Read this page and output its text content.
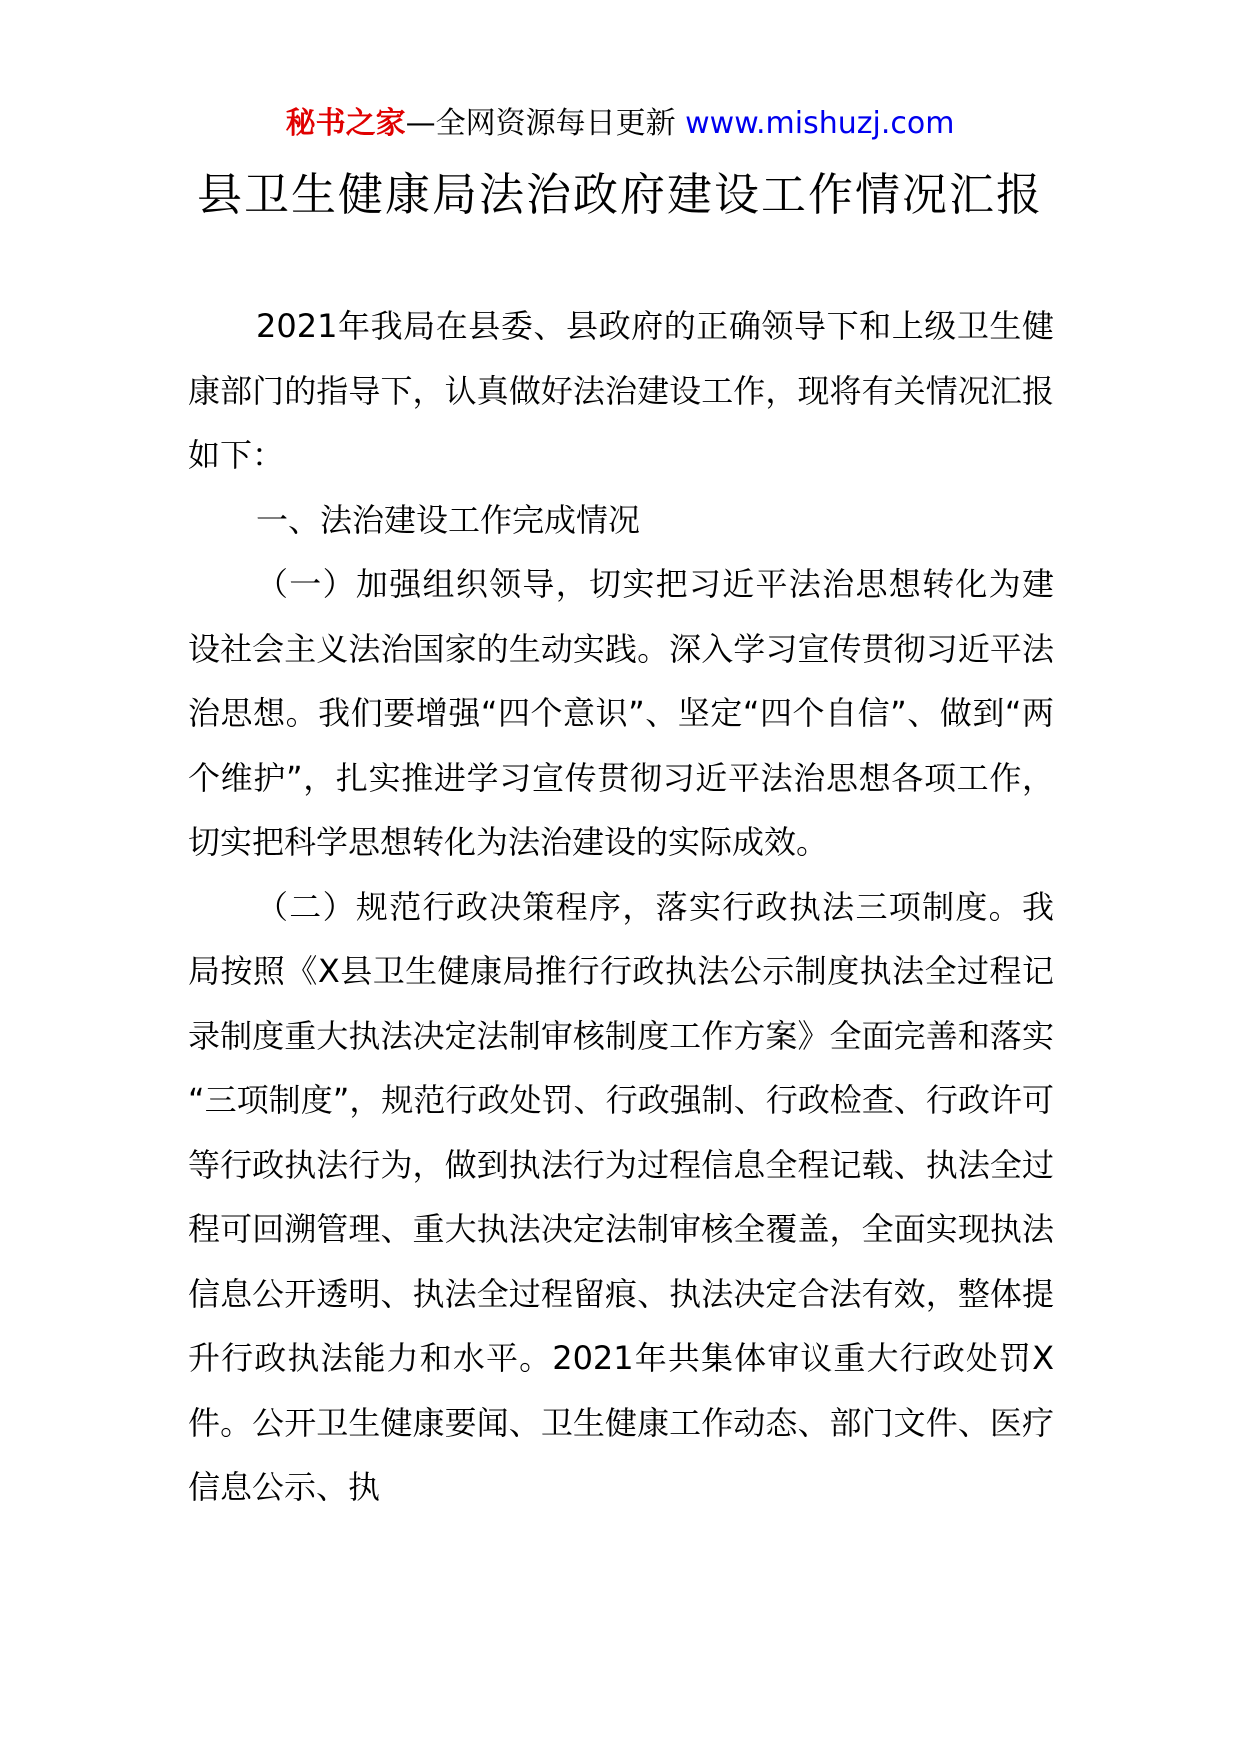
秘书之家—全网资源每日更新 www.mishuzj.com
县卫生健康局法治政府建设工作情况汇报

2021年我局在县委、县政府的正确领导下和上级卫生健康部门的指导下，认真做好法治建设工作，现将有关情况汇报如下：

一、法治建设工作完成情况

（一）加强组织领导，切实把习近平法治思想转化为建设社会主义法治国家的生动实践。深入学习宣传贯彻习近平法治思想。我们要增强“四个意识”、坚定“四个自信”、做到“两个维护”，扎实推进学习宣传贯彻习近平法治思想各项工作，切实把科学思想转化为法治建设的实际成效。

（二）规范行政决策程序，落实行政执法三项制度。我局按照《X县卫生健康局推行行政执法公示制度执法全过程记录制度重大执法决定法制审核制度工作方案》全面完善和落实 “三项制度”，规范行政处罚、行政强制、行政检查、行政许可等行政执法行为，做到执法行为过程信息全程记载、执法全过程可回溯管理、重大执法决定法制审核全覆盖，全面实现执法信息公开透明、执法全过程留痕、执法决定合法有效，整体提升行政执法能力和水平。2021年共集体审议重大行政处罚X件。公开卫生健康要闻、卫生健康工作动态、部门文件、医疗信息公示、执
